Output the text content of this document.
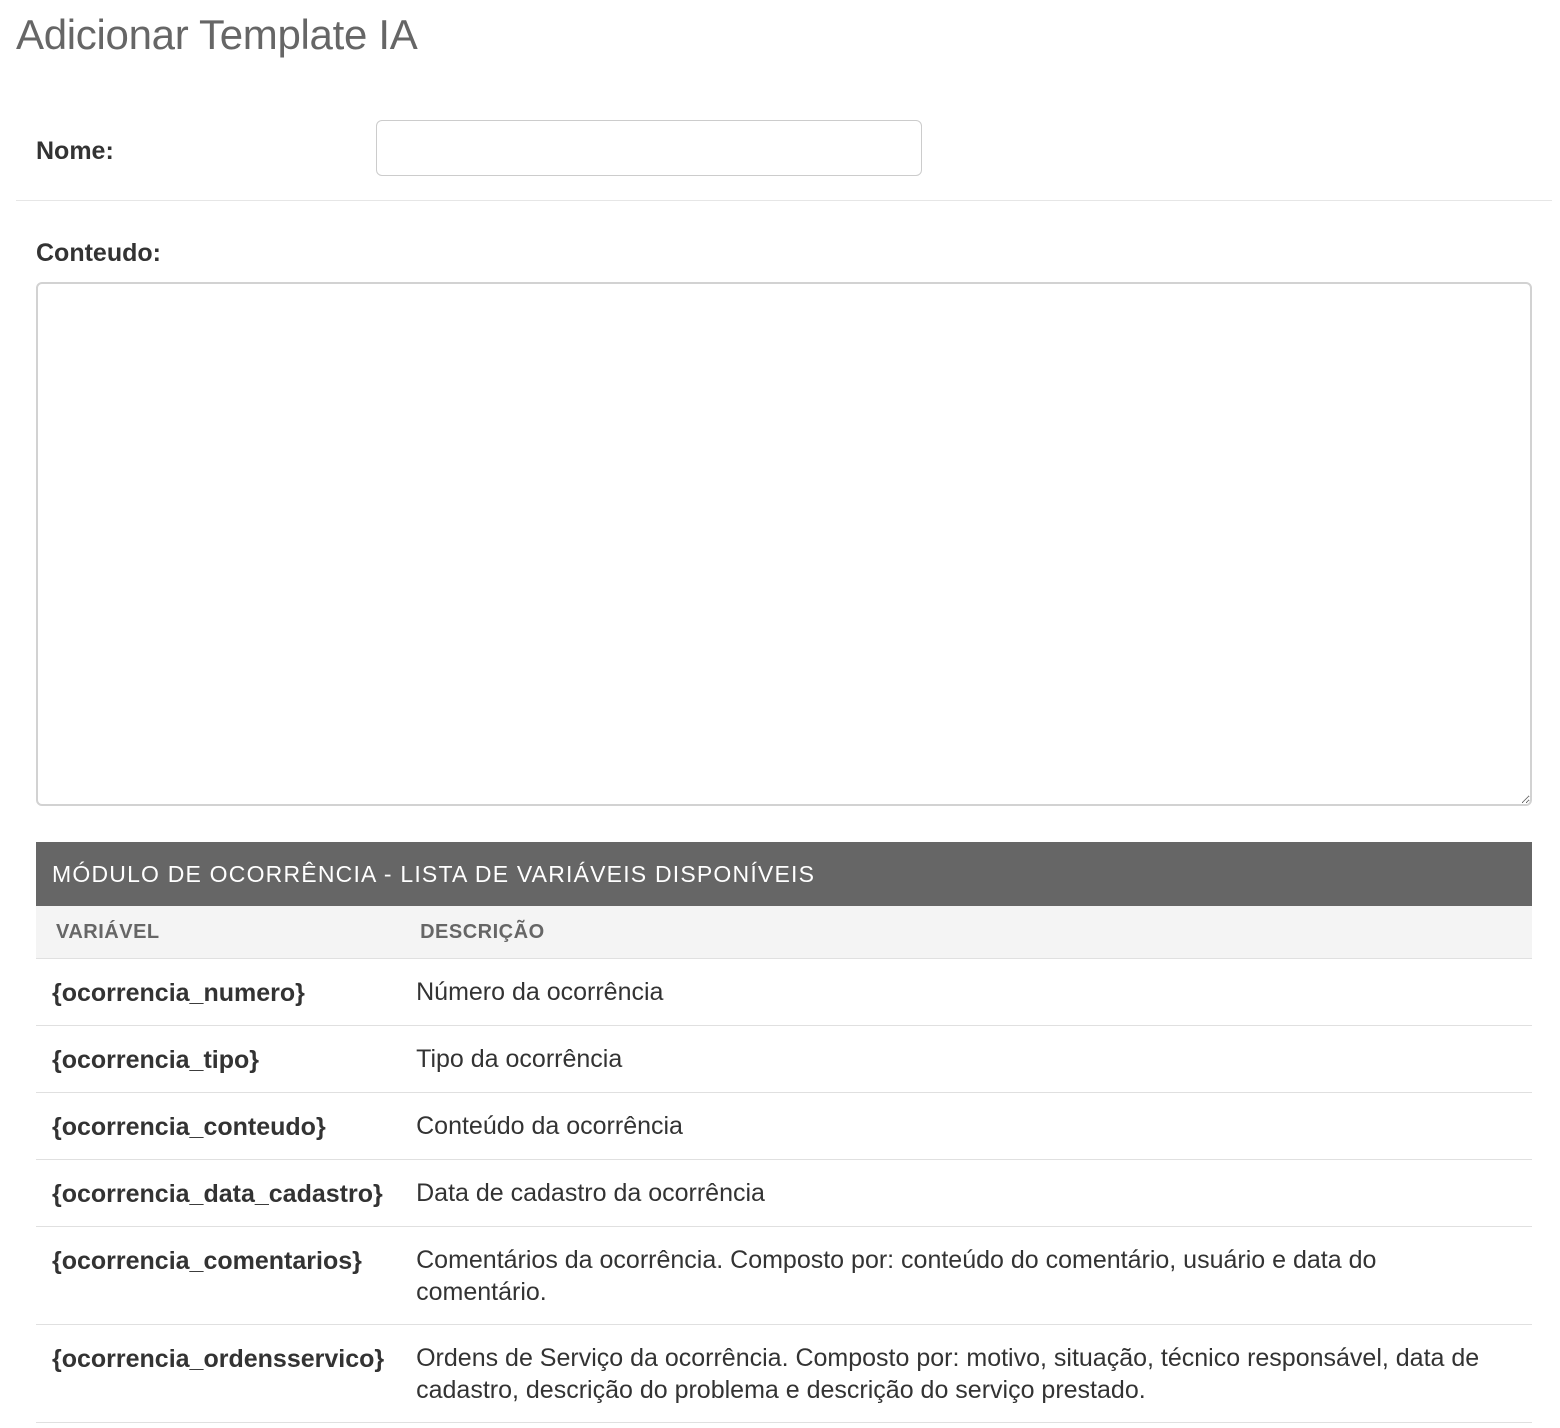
Adicionar Template IA
Nome:
Conteudo:
MÓDULO DE OCORRÊNCIA - LISTA DE VARIÁVEIS DISPONÍVEIS	
VARIÁVEL	DESCRIÇÃO
{ocorrencia_numero}	Número da ocorrência
{ocorrencia_tipo}	Tipo da ocorrência
{ocorrencia_conteudo}	Conteúdo da ocorrência
{ocorrencia_data_cadastro}	Data de cadastro da ocorrência
{ocorrencia_comentarios}	Comentários da ocorrência. Composto por: conteúdo do comentário, usuário e data do comentário.
{ocorrencia_ordensservico}	Ordens de Serviço da ocorrência. Composto por: motivo, situação, técnico responsável, data de cadastro, descrição do problema e descrição do serviço prestado.
